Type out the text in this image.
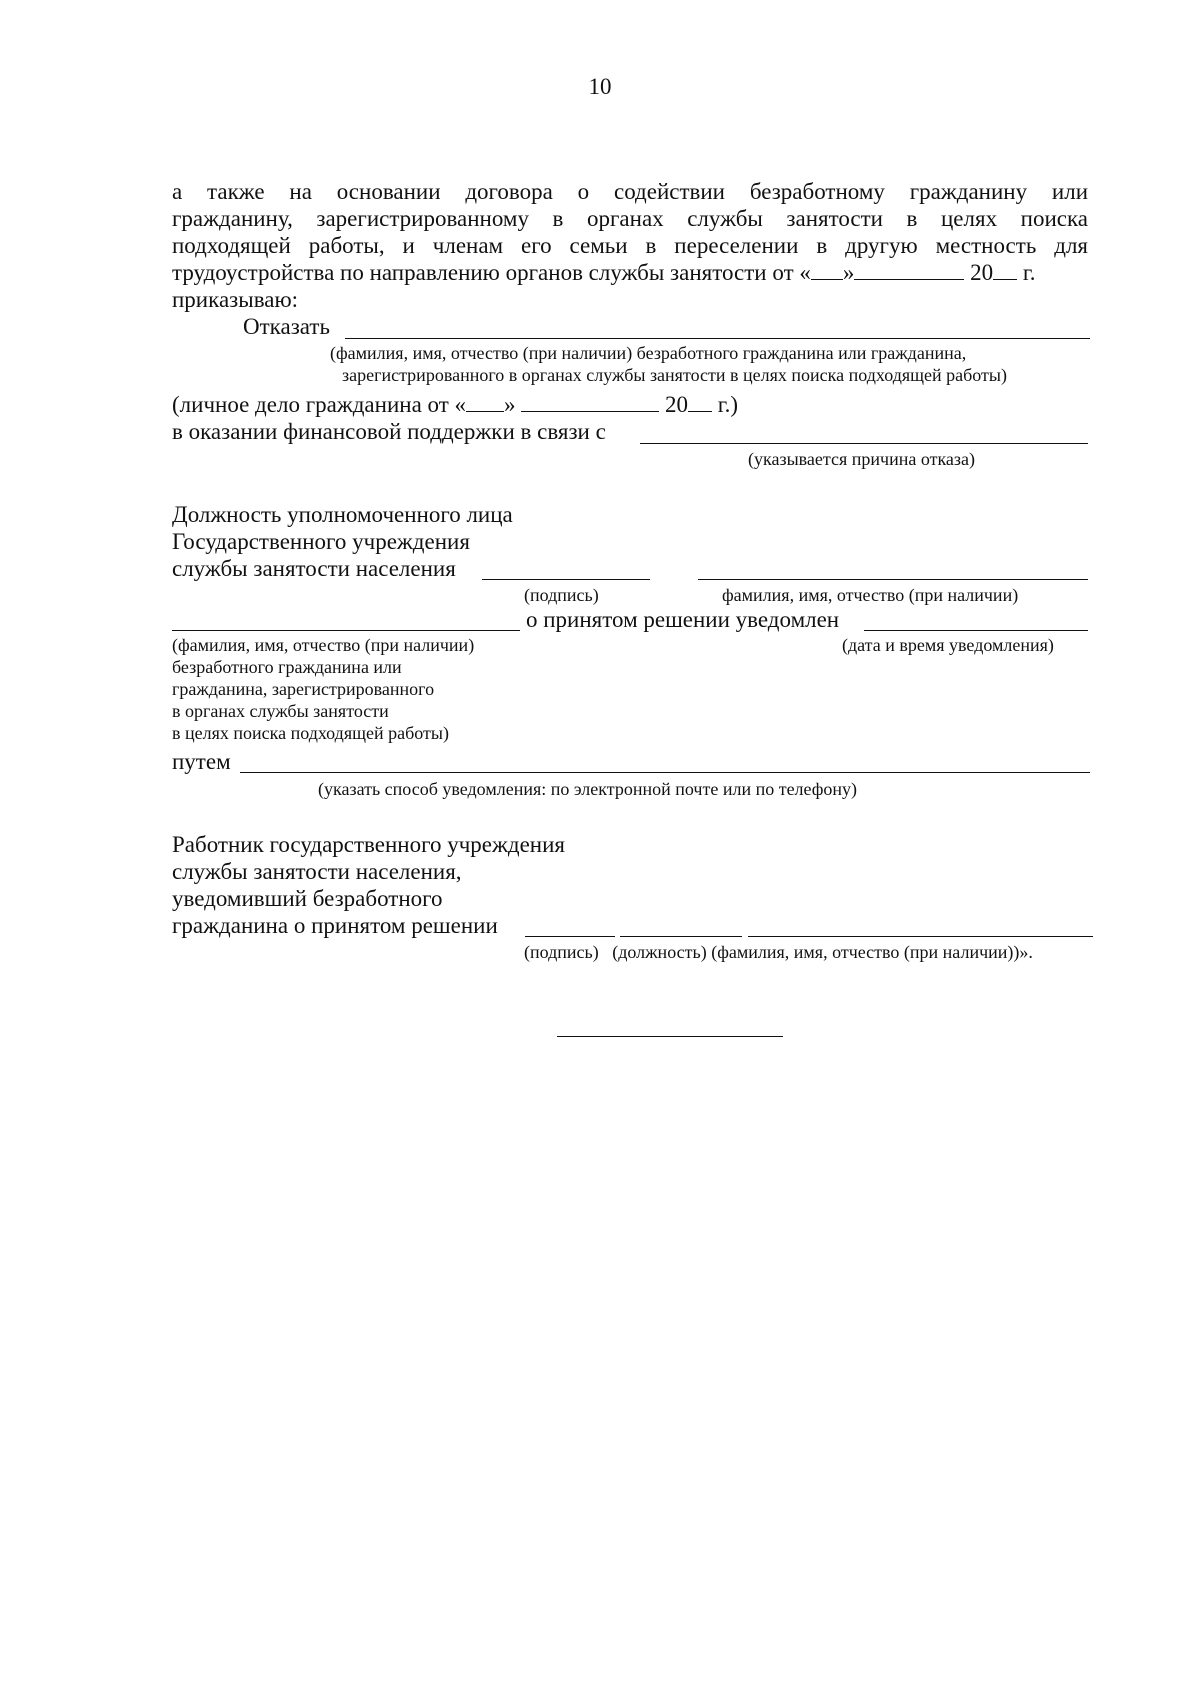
10
а также на основании договора о содействии безработному гражданину или
гражданину, зарегистрированному в органах службы занятости в целях поиска
подходящей работы, и членам его семьи в переселении в другую местность для
трудоустройства по направлению органов службы занятости от « »	20 г.
приказываю:
Отказать
(фамилия, имя, отчество (при наличии) безработного гражданина или гражданина,
зарегистрированного в органах службы занятости в целях поиска подходящей работы)
(личное дело гражданина от « »	20 г.)
в оказании финансовой поддержки в связи с
(указывается причина отказа)
Должность уполномоченного лица
Государственного учреждения
службы занятости населения
(подпись)	фамилия, имя, отчество (при наличии)
о принятом решении уведомлен
(фамилия, имя, отчество (при наличии)
безработного гражданина или
гражданина, зарегистрированного
в органах службы занятости
в целях поиска подходящей работы)
(дата и время уведомления)
путем
(указать способ уведомления: по электронной почте или по телефону)
Работник государственного учреждения
службы занятости населения,
уведомивший безработного
гражданина о принятом решении
(подпись)   (должность) (фамилия, имя, отчество (при наличии))».
